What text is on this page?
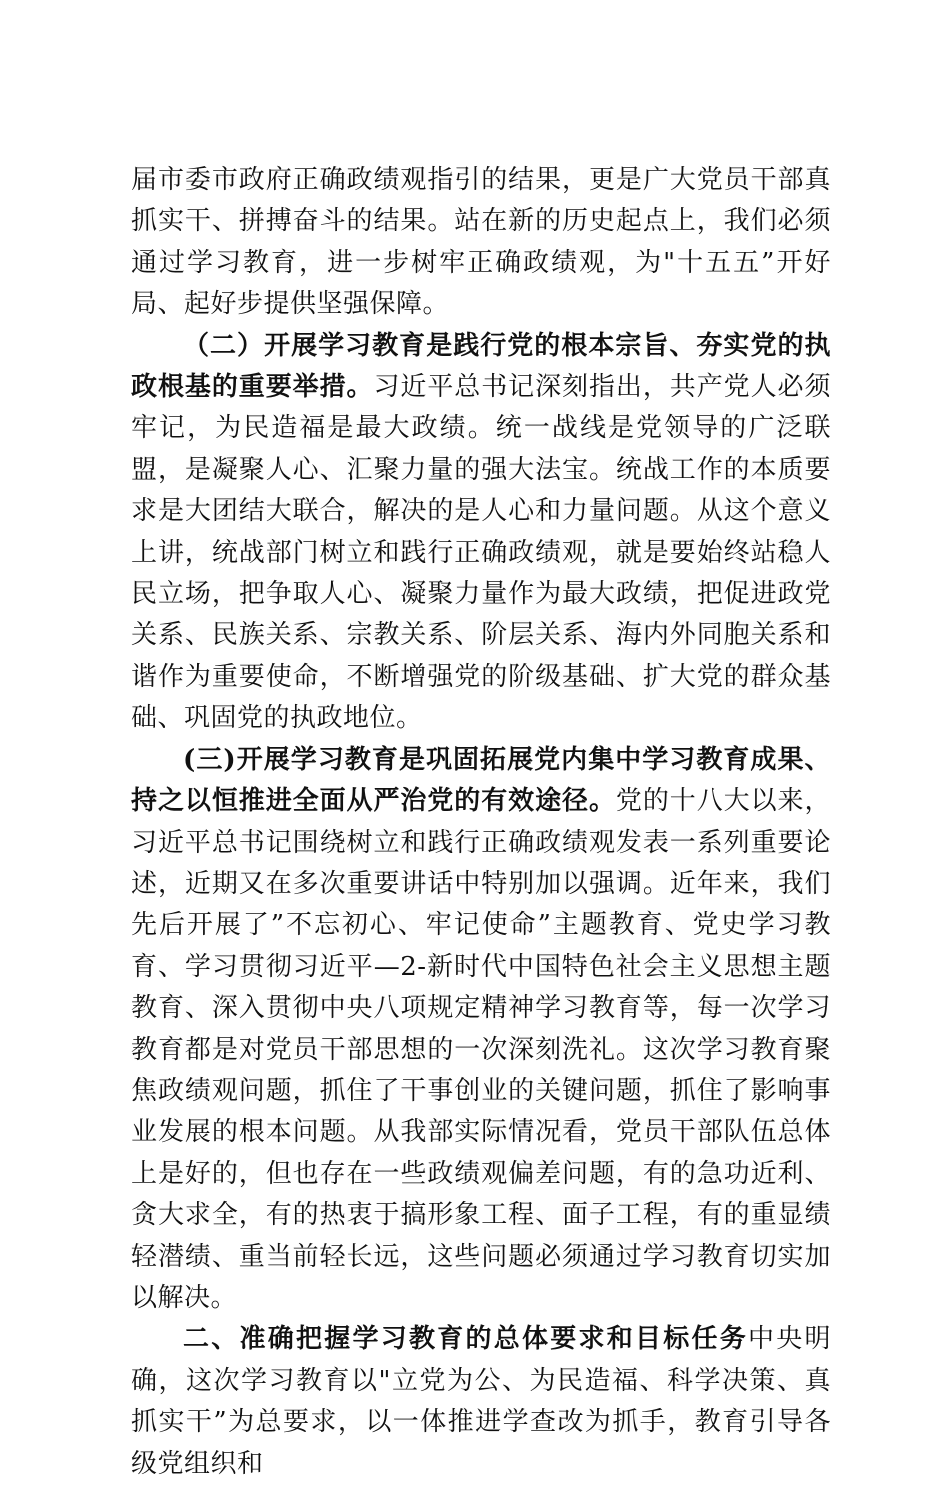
届市委市政府正确政绩观指引的结果，更是广大党员干部真抓实干、拼搏奋斗的结果。站在新的历史起点上，我们必须通过学习教育，进一步树牢正确政绩观，为"十五五”开好局、起好步提供坚强保障。

（二）开展学习教育是践行党的根本宗旨、夯实党的执政根基的重要举措。习近平总书记深刻指出，共产党人必须牢记，为民造福是最大政绩。统一战线是党领导的广泛联盟，是凝聚人心、汇聚力量的强大法宝。统战工作的本质要求是大团结大联合，解决的是人心和力量问题。从这个意义上讲，统战部门树立和践行正确政绩观，就是要始终站稳人民立场，把争取人心、凝聚力量作为最大政绩，把促进政党关系、民族关系、宗教关系、阶层关系、海内外同胞关系和谐作为重要使命，不断增强党的阶级基础、扩大党的群众基础、巩固党的执政地位。

(三)开展学习教育是巩固拓展党内集中学习教育成果、持之以恒推进全面从严治党的有效途径。党的十八大以来，习近平总书记围绕树立和践行正确政绩观发表一系列重要论述，近期又在多次重要讲话中特别加以强调。近年来，我们先后开展了”不忘初心、牢记使命”主题教育、党史学习教育、学习贯彻习近平—2-新时代中国特色社会主义思想主题教育、深入贯彻中央八项规定精神学习教育等，每一次学习教育都是对党员干部思想的一次深刻洗礼。这次学习教育聚焦政绩观问题，抓住了干事创业的关键问题，抓住了影响事业发展的根本问题。从我部实际情况看，党员干部队伍总体上是好的，但也存在一些政绩观偏差问题，有的急功近利、贪大求全，有的热衷于搞形象工程、面子工程，有的重显绩轻潜绩、重当前轻长远，这些问题必须通过学习教育切实加以解决。

二、准确把握学习教育的总体要求和目标任务中央明确，这次学习教育以"立党为公、为民造福、科学决策、真抓实干”为总要求，以一体推进学查改为抓手，教育引导各级党组织和
